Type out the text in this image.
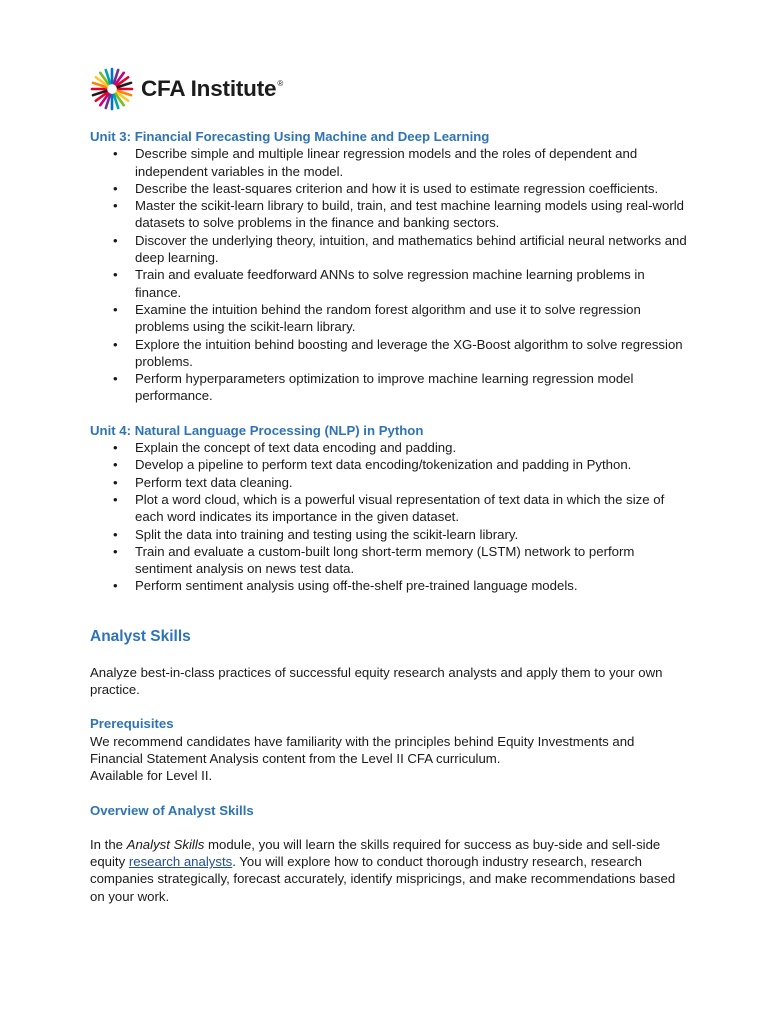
CFA Institute®

Unit 3: Financial Forecasting Using Machine and Deep Learning

• Describe simple and multiple linear regression models and the roles of dependent and independent variables in the model.
• Describe the least-squares criterion and how it is used to estimate regression coefficients.
• Master the scikit-learn library to build, train, and test machine learning models using real-world datasets to solve problems in the finance and banking sectors.
• Discover the underlying theory, intuition, and mathematics behind artificial neural networks and deep learning.
• Train and evaluate feedforward ANNs to solve regression machine learning problems in finance.
• Examine the intuition behind the random forest algorithm and use it to solve regression problems using the scikit-learn library.
• Explore the intuition behind boosting and leverage the XG-Boost algorithm to solve regression problems.
• Perform hyperparameters optimization to improve machine learning regression model performance.

Unit 4: Natural Language Processing (NLP) in Python

• Explain the concept of text data encoding and padding.
• Develop a pipeline to perform text data encoding/tokenization and padding in Python.
• Perform text data cleaning.
• Plot a word cloud, which is a powerful visual representation of text data in which the size of each word indicates its importance in the given dataset.
• Split the data into training and testing using the scikit-learn library.
• Train and evaluate a custom-built long short-term memory (LSTM) network to perform sentiment analysis on news test data.
• Perform sentiment analysis using off-the-shelf pre-trained language models.
Analyst Skills

Analyze best-in-class practices of successful equity research analysts and apply them to your own practice.

Prerequisites

We recommend candidates have familiarity with the principles behind Equity Investments and Financial Statement Analysis content from the Level II CFA curriculum.

Available for Level II.

Overview of Analyst Skills

In the Analyst Skills module, you will learn the skills required for success as buy-side and sell-side equity research analysts. You will explore how to conduct thorough industry research, research companies strategically, forecast accurately, identify mispricings, and make recommendations based on your work.
